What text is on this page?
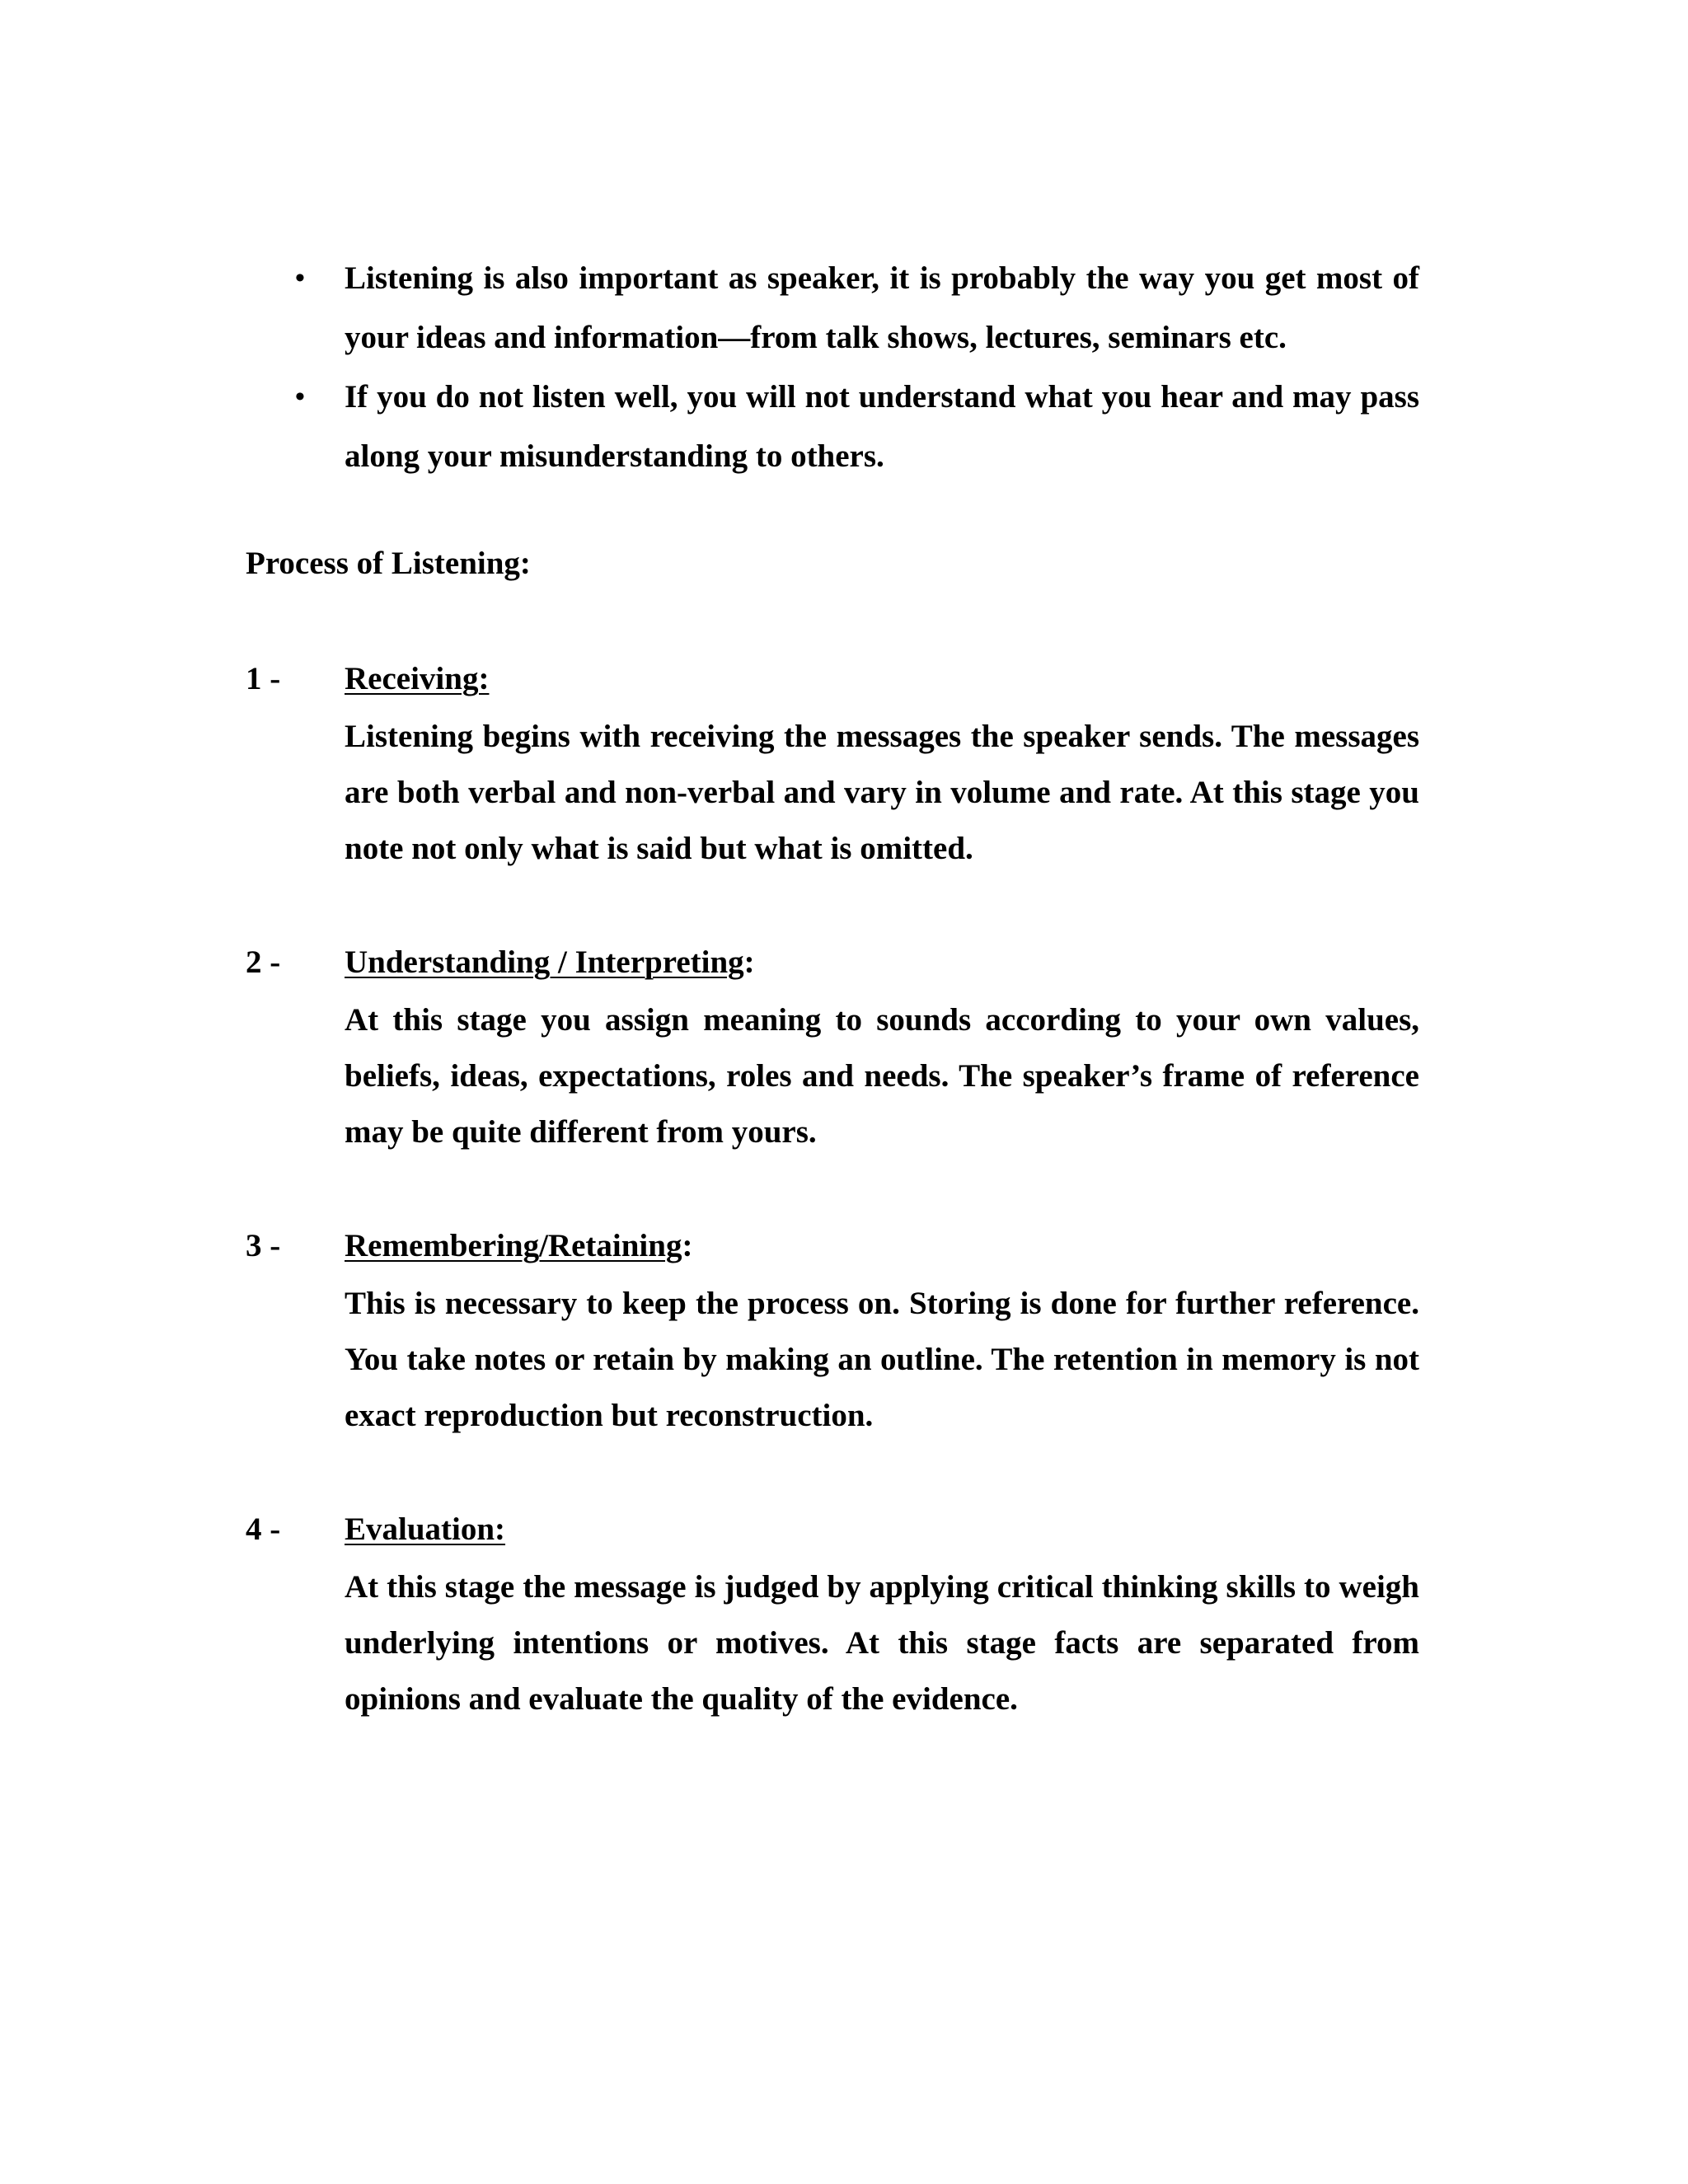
• Listening is also important as speaker, it is probably the way you get most of your ideas and information—from talk shows, lectures, seminars etc.
• If you do not listen well, you will not understand what you hear and may pass along your misunderstanding to others.
Process of Listening:
1 - Receiving:

Listening begins with receiving the messages the speaker sends. The messages are both verbal and non-verbal and vary in volume and rate. At this stage you note not only what is said but what is omitted.

2 - Understanding / Interpreting:

At this stage you assign meaning to sounds according to your own values, beliefs, ideas, expectations, roles and needs. The speaker’s frame of reference may be quite different from yours.

3 - Remembering/Retaining:

This is necessary to keep the process on. Storing is done for further reference. You take notes or retain by making an outline. The retention in memory is not exact reproduction but reconstruction.

4 - Evaluation:

At this stage the message is judged by applying critical thinking skills to weigh underlying intentions or motives. At this stage facts are separated from opinions and evaluate the quality of the evidence.
